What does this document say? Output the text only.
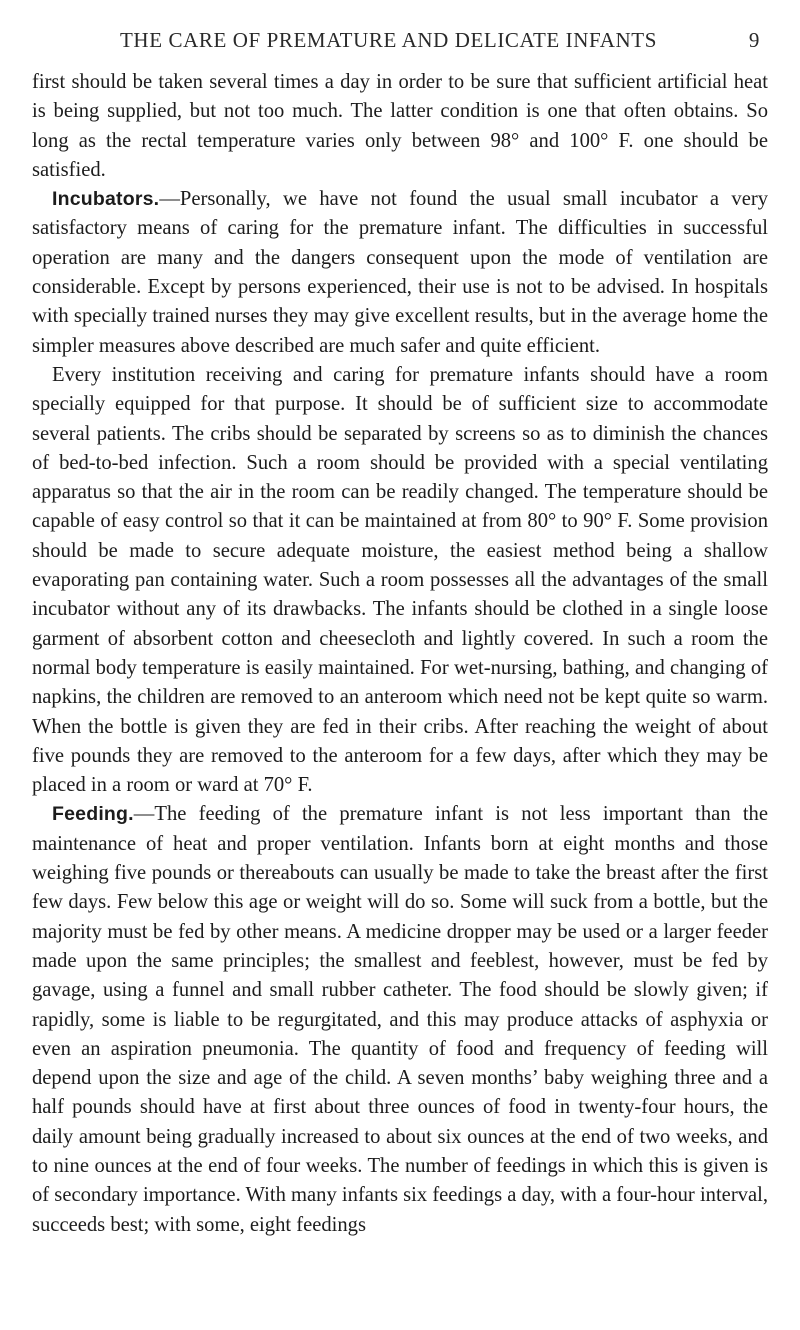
THE CARE OF PREMATURE AND DELICATE INFANTS	9

first should be taken several times a day in order to be sure that sufficient artificial heat is being supplied, but not too much. The latter condition is one that often obtains. So long as the rectal temperature varies only between 98° and 100° F. one should be satisfied.

Incubators.—Personally, we have not found the usual small incubator a very satisfactory means of caring for the premature infant. The difficulties in successful operation are many and the dangers consequent upon the mode of ventilation are considerable. Except by persons experienced, their use is not to be advised. In hospitals with specially trained nurses they may give excellent results, but in the average home the simpler measures above described are much safer and quite efficient.

Every institution receiving and caring for premature infants should have a room specially equipped for that purpose. It should be of sufficient size to accommodate several patients. The cribs should be separated by screens so as to diminish the chances of bed-to-bed infection. Such a room should be provided with a special ventilating apparatus so that the air in the room can be readily changed. The temperature should be capable of easy control so that it can be maintained at from 80° to 90° F. Some provision should be made to secure adequate moisture, the easiest method being a shallow evaporating pan containing water. Such a room possesses all the advantages of the small incubator without any of its drawbacks. The infants should be clothed in a single loose garment of absorbent cotton and cheesecloth and lightly covered. In such a room the normal body temperature is easily maintained. For wet-nursing, bathing, and changing of napkins, the children are removed to an anteroom which need not be kept quite so warm. When the bottle is given they are fed in their cribs. After reaching the weight of about five pounds they are removed to the anteroom for a few days, after which they may be placed in a room or ward at 70° F.

Feeding.—The feeding of the premature infant is not less important than the maintenance of heat and proper ventilation. Infants born at eight months and those weighing five pounds or thereabouts can usually be made to take the breast after the first few days. Few below this age or weight will do so. Some will suck from a bottle, but the majority must be fed by other means. A medicine dropper may be used or a larger feeder made upon the same principles; the smallest and feeblest, however, must be fed by gavage, using a funnel and small rubber catheter. The food should be slowly given; if rapidly, some is liable to be regurgitated, and this may produce attacks of asphyxia or even an aspiration pneumonia. The quantity of food and frequency of feeding will depend upon the size and age of the child. A seven months’ baby weighing three and a half pounds should have at first about three ounces of food in twenty-four hours, the daily amount being gradually increased to about six ounces at the end of two weeks, and to nine ounces at the end of four weeks. The number of feedings in which this is given is of secondary importance. With many infants six feedings a day, with a four-hour interval, succeeds best; with some, eight feedings
